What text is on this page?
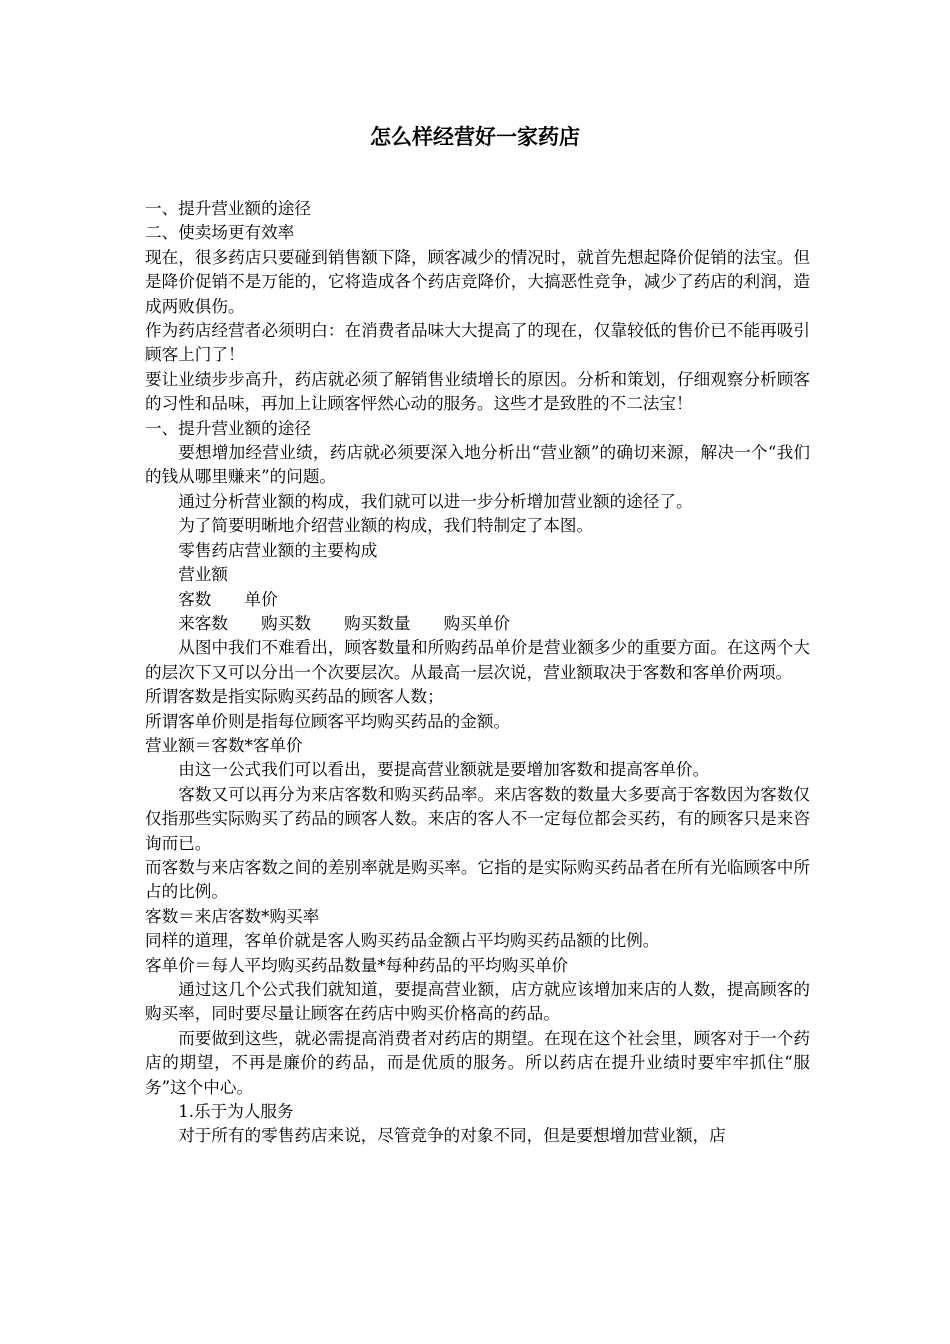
怎么样经营好一家药店

一、提升营业额的途径

二、使卖场更有效率

现在，很多药店只要碰到销售额下降，顾客减少的情况时，就首先想起降价促销的法宝。但是降价促销不是万能的，它将造成各个药店竞降价，大搞恶性竞争，减少了药店的利润，造成两败俱伤。

作为药店经营者必须明白：在消费者品味大大提高了的现在，仅靠较低的售价已不能再吸引顾客上门了！

要让业绩步步高升，药店就必须了解销售业绩增长的原因。分析和策划，仔细观察分析顾客的习性和品味，再加上让顾客怦然心动的服务。这些才是致胜的不二法宝！

一、提升营业额的途径

要想增加经营业绩，药店就必须要深入地分析出“营业额”的确切来源，解决一个“我们的钱从哪里赚来”的问题。

通过分析营业额的构成，我们就可以进一步分析增加营业额的途径了。

为了简要明晰地介绍营业额的构成，我们特制定了本图。

零售药店营业额的主要构成

营业额

客数　　单价

来客数　　购买数　　购买数量　　购买单价

从图中我们不难看出，顾客数量和所购药品单价是营业额多少的重要方面。在这两个大的层次下又可以分出一个次要层次。从最高一层次说，营业额取决于客数和客单价两项。

所谓客数是指实际购买药品的顾客人数；

所谓客单价则是指每位顾客平均购买药品的金额。

营业额＝客数*客单价

由这一公式我们可以看出，要提高营业额就是要增加客数和提高客单价。

客数又可以再分为来店客数和购买药品率。来店客数的数量大多要高于客数因为客数仅仅指那些实际购买了药品的顾客人数。来店的客人不一定每位都会买药，有的顾客只是来咨询而已。

而客数与来店客数之间的差别率就是购买率。它指的是实际购买药品者在所有光临顾客中所占的比例。

客数＝来店客数*购买率

同样的道理，客单价就是客人购买药品金额占平均购买药品额的比例。

客单价＝每人平均购买药品数量*每种药品的平均购买单价

通过这几个公式我们就知道，要提高营业额，店方就应该增加来店的人数，提高顾客的购买率，同时要尽量让顾客在药店中购买价格高的药品。

而要做到这些，就必需提高消费者对药店的期望。在现在这个社会里，顾客对于一个药店的期望，不再是廉价的药品，而是优质的服务。所以药店在提升业绩时要牢牢抓住“服务”这个中心。

1.乐于为人服务

对于所有的零售药店来说，尽管竞争的对象不同，但是要想增加营业额，店
